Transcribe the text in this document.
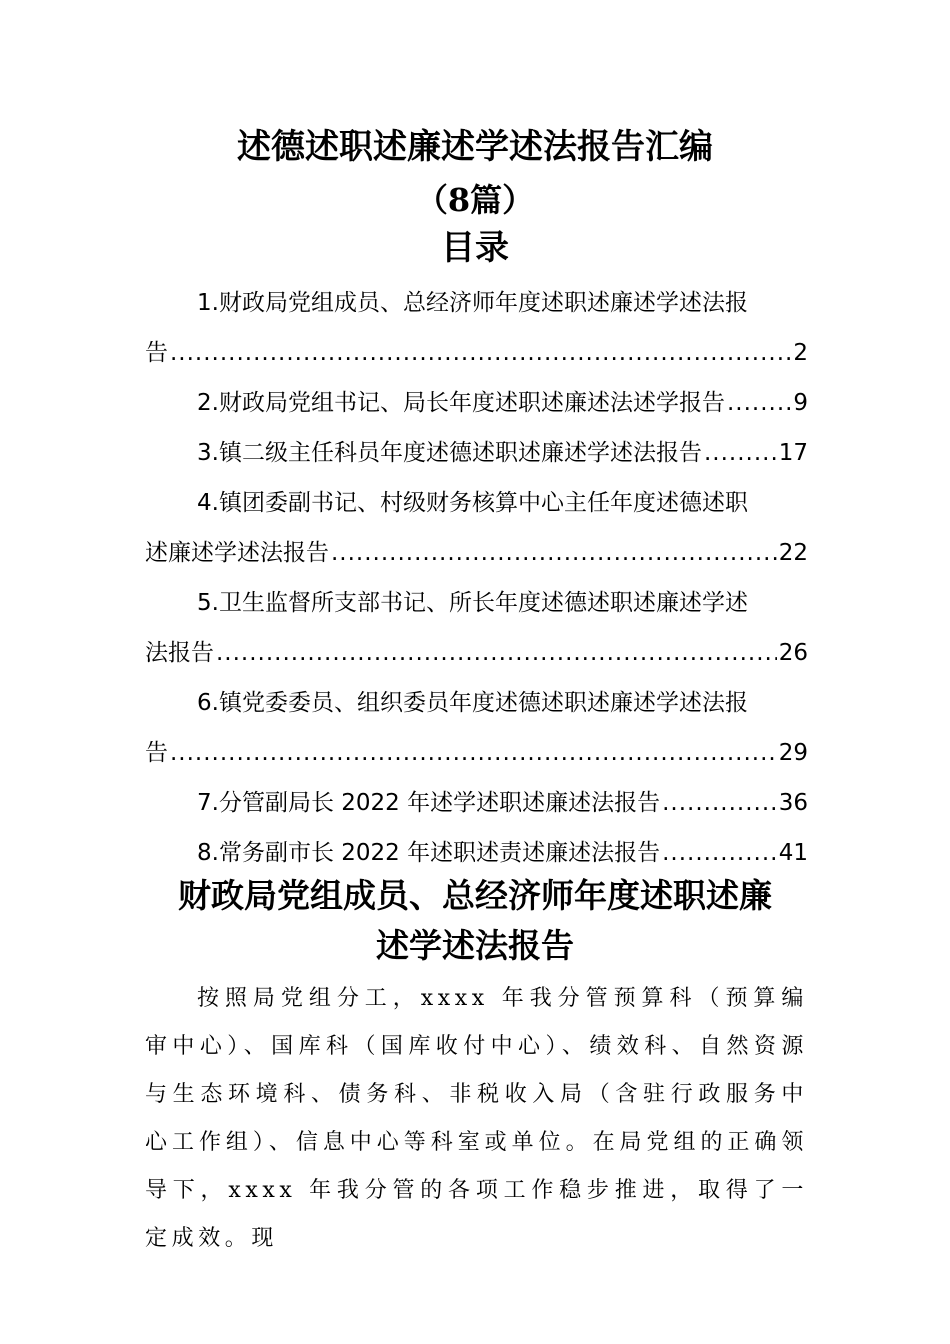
述德述职述廉述学述法报告汇编
（8篇）
目录
1.财政局党组成员、总经济师年度述职述廉述学述法报
告 .....	2
2.财政局党组书记、局长年度述职述廉述法述学报告 .....	9
3.镇二级主任科员年度述德述职述廉述学述法报告 .....	17
4.镇团委副书记、村级财务核算中心主任年度述德述职
述廉述学述法报告 .....	22
5.卫生监督所支部书记、所长年度述德述职述廉述学述
法报告 .....	26
6.镇党委委员、组织委员年度述德述职述廉述学述法报
告 .....	29
7.分管副局长 2022 年述学述职述廉述法报告 .....	36
8.常务副市长 2022 年述职述责述廉述法报告 .....	41
财政局党组成员、总经济师年度述职述廉
述学述法报告

按照局党组分工，xxxx 年我分管预算科（预算编审中心）、国库科（国库收付中心）、绩效科、自然资源与生态环境科、债务科、非税收入局（含驻行政服务中心工作组）、信息中心等科室或单位。在局党组的正确领导下，xxxx 年我分管的各项工作稳步推进，取得了一定成效。现
